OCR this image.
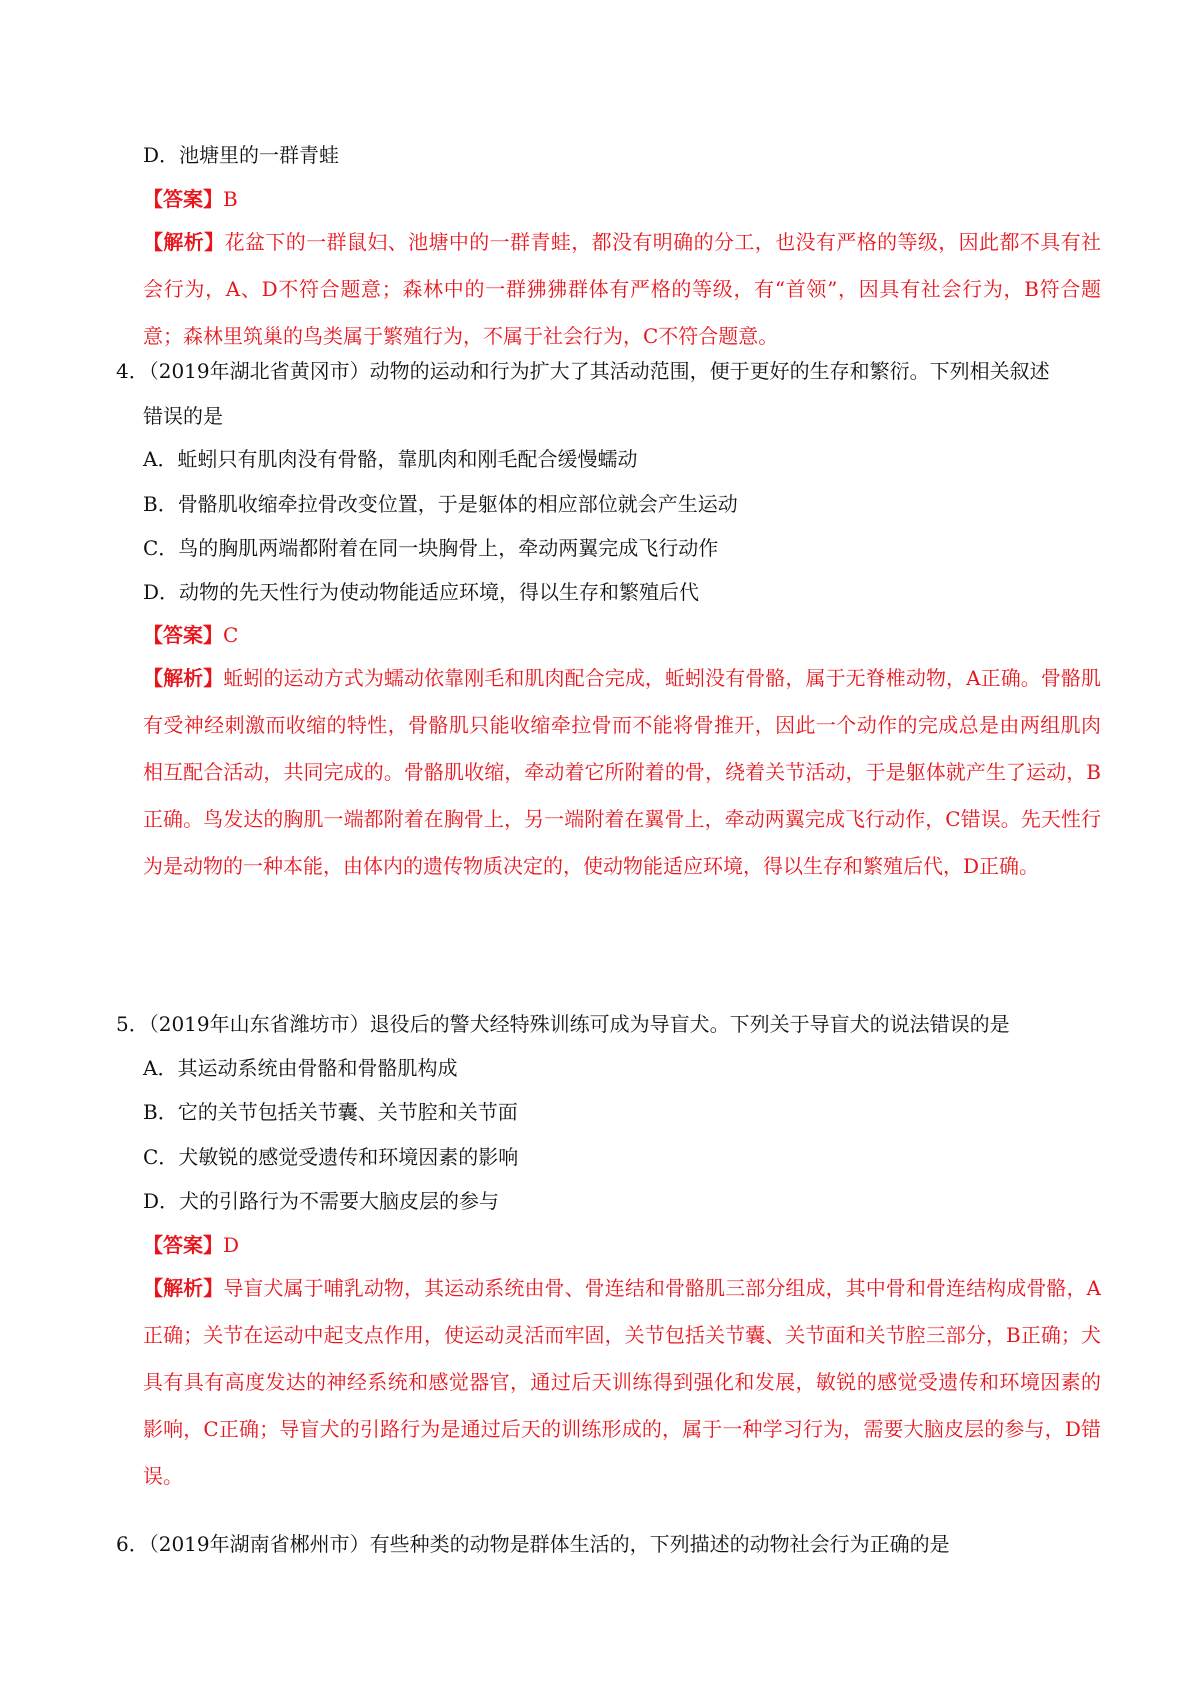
D．池塘里的一群青蛙
【答案】B
【解析】花盆下的一群鼠妇、池塘中的一群青蛙，都没有明确的分工，也没有严格的等级，因此都不具有社会行为，A、D不符合题意；森林中的一群狒狒群体有严格的等级，有“首领”，因具有社会行为，B符合题意；森林里筑巢的鸟类属于繁殖行为，不属于社会行为，C不符合题意。
4．（2019年湖北省黄冈市）动物的运动和行为扩大了其活动范围，便于更好的生存和繁衍。下列相关叙述
错误的是
A．蚯蚓只有肌肉没有骨骼，靠肌肉和刚毛配合缓慢蠕动
B．骨骼肌收缩牵拉骨改变位置，于是躯体的相应部位就会产生运动
C．鸟的胸肌两端都附着在同一块胸骨上，牵动两翼完成飞行动作
D．动物的先天性行为使动物能适应环境，得以生存和繁殖后代
【答案】C
【解析】蚯蚓的运动方式为蠕动依靠刚毛和肌肉配合完成，蚯蚓没有骨骼，属于无脊椎动物，A正确。骨骼肌有受神经刺激而收缩的特性，骨骼肌只能收缩牵拉骨而不能将骨推开，因此一个动作的完成总是由两组肌肉相互配合活动，共同完成的。骨骼肌收缩，牵动着它所附着的骨，绕着关节活动，于是躯体就产生了运动，B正确。鸟发达的胸肌一端都附着在胸骨上，另一端附着在翼骨上，牵动两翼完成飞行动作，C错误。先天性行为是动物的一种本能，由体内的遗传物质决定的，使动物能适应环境，得以生存和繁殖后代，D正确。
5．（2019年山东省潍坊市）退役后的警犬经特殊训练可成为导盲犬。下列关于导盲犬的说法错误的是
A．其运动系统由骨骼和骨骼肌构成
B．它的关节包括关节囊、关节腔和关节面
C．犬敏锐的感觉受遗传和环境因素的影响
D．犬的引路行为不需要大脑皮层的参与
【答案】D
【解析】导盲犬属于哺乳动物，其运动系统由骨、骨连结和骨骼肌三部分组成，其中骨和骨连结构成骨骼，A正确；关节在运动中起支点作用，使运动灵活而牢固，关节包括关节囊、关节面和关节腔三部分，B正确；犬具有具有高度发达的神经系统和感觉器官，通过后天训练得到强化和发展，敏锐的感觉受遗传和环境因素的影响，C正确；导盲犬的引路行为是通过后天的训练形成的，属于一种学习行为，需要大脑皮层的参与，D错误。
6．（2019年湖南省郴州市）有些种类的动物是群体生活的，下列描述的动物社会行为正确的是
